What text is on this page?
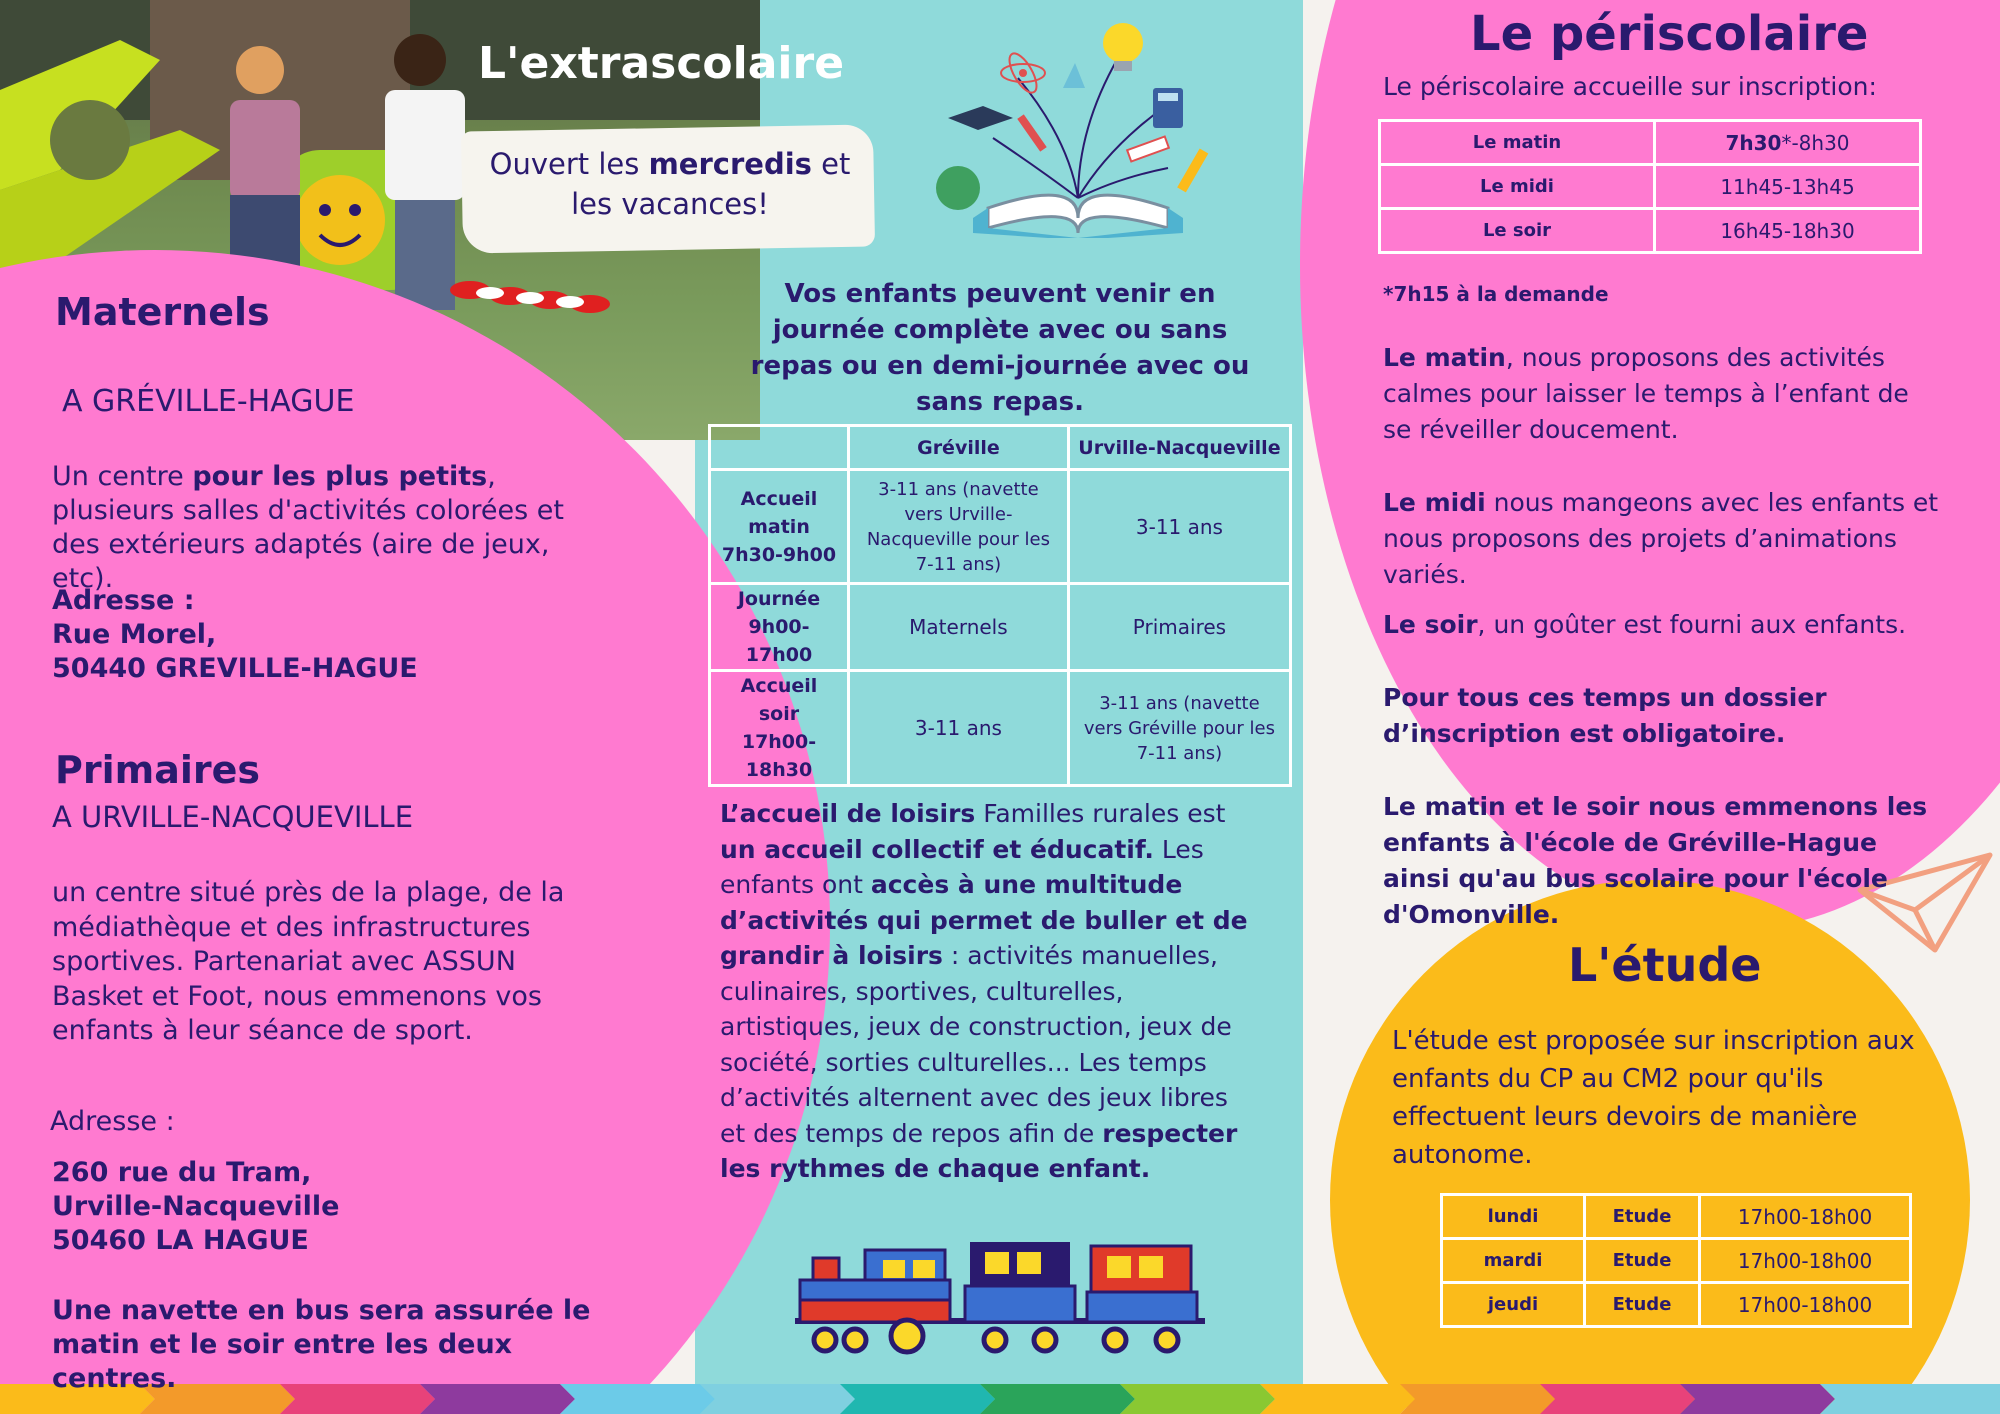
L'extrascolaire
Ouvert les mercredis et les vacances!
Vos enfants peuvent venir en journée complète avec ou sans repas ou en demi-journée avec ou sans repas.
	Gréville	Urville-Nacqueville
Accueil matin 7h30-9h00	3-11 ans (navette vers Urville-Nacqueville pour les 7-11 ans)	3-11 ans
Journée 9h00-17h00	Maternels	Primaires
Accueil soir 17h00-18h30	3-11 ans	3-11 ans (navette vers Gréville pour les 7-11 ans)
L’accueil de loisirs Familles rurales est un accueil collectif et éducatif. Les enfants ont accès à une multitude d’activités qui permet de buller et de grandir à loisirs : activités manuelles, culinaires, sportives, culturelles, artistiques, jeux de construction, jeux de société, sorties culturelles... Les temps d’activités alternent avec des jeux libres et des temps de repos afin de respecter les rythmes de chaque enfant.
Maternels
A GRÉVILLE-HAGUE
Un centre pour les plus petits, plusieurs salles d'activités colorées et des extérieurs adaptés (aire de jeux, etc).
Adresse :
Rue Morel,
50440 GREVILLE-HAGUE
Primaires
A URVILLE-NACQUEVILLE
un centre situé près de la plage, de la médiathèque et des infrastructures sportives. Partenariat avec ASSUN Basket et Foot, nous emmenons vos enfants à leur séance de sport.
Adresse :
260 rue du Tram,
Urville-Nacqueville
50460 LA HAGUE
Une navette en bus sera assurée le matin et le soir entre les deux centres.
Le périscolaire
Le périscolaire accueille sur inscription:
Le matin	7h30*-8h30
Le midi	11h45-13h45
Le soir	16h45-18h30
*7h15 à la demande
Le matin, nous proposons des activités calmes pour laisser le temps à l’enfant de se réveiller doucement.
Le midi nous mangeons avec les enfants et nous proposons des projets d’animations variés.
Le soir, un goûter est fourni aux enfants.
Pour tous ces temps un dossier d’inscription est obligatoire.
Le matin et le soir nous emmenons les enfants à l'école de Gréville-Hague ainsi qu'au bus scolaire pour l'école d'Omonville.
L'étude
L'étude est proposée sur inscription aux enfants du CP au CM2 pour qu'ils effectuent leurs devoirs de manière autonome.
lundi	Etude	17h00-18h00
mardi	Etude	17h00-18h00
jeudi	Etude	17h00-18h00
